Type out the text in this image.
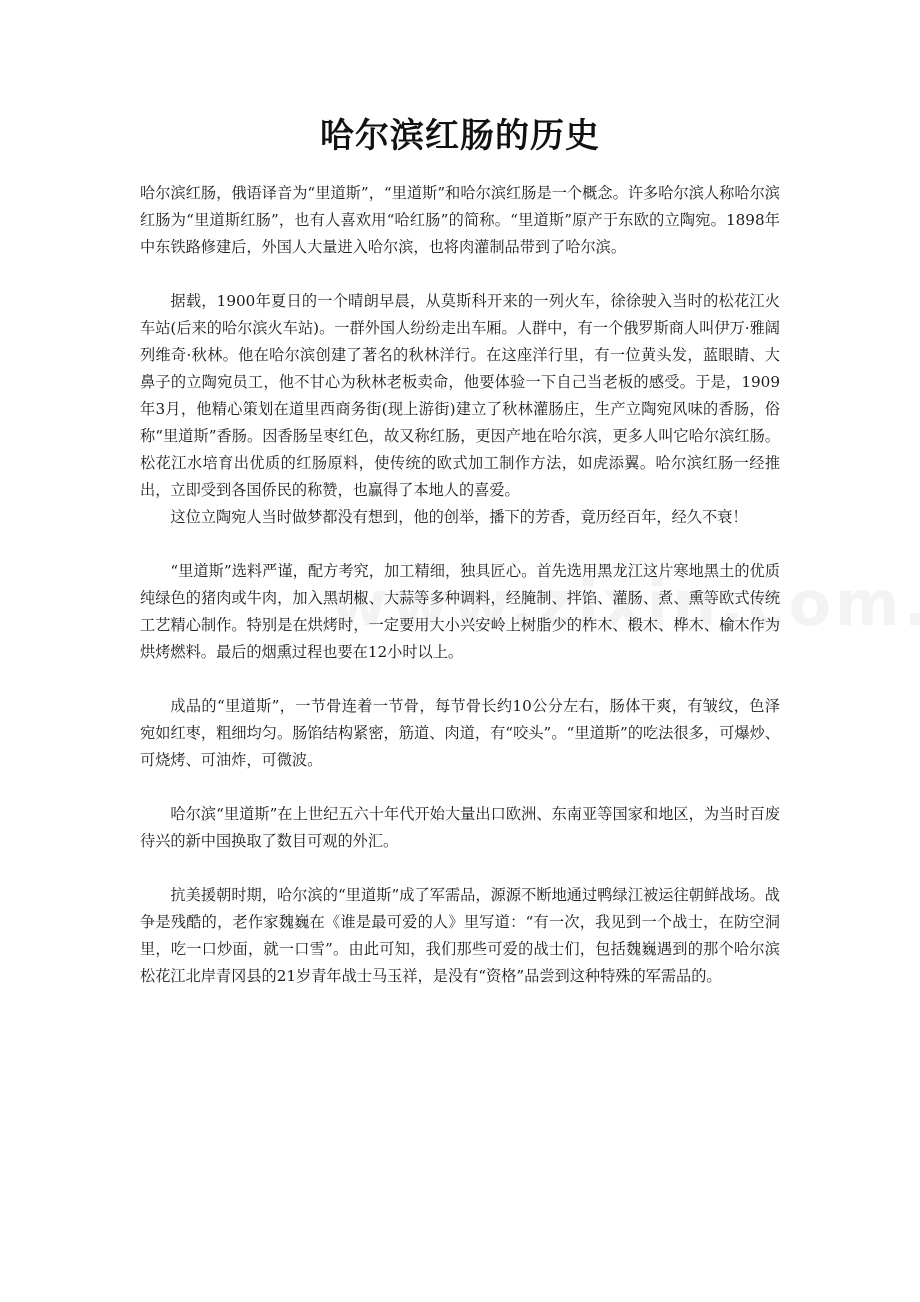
哈尔滨红肠的历史

哈尔滨红肠，俄语译音为“里道斯”，“里道斯”和哈尔滨红肠是一个概念。许多哈尔滨人称哈尔滨红肠为“里道斯红肠”，也有人喜欢用“哈红肠”的简称。“里道斯”原产于东欧的立陶宛。1898年中东铁路修建后，外国人大量进入哈尔滨，也将肉灌制品带到了哈尔滨。

据载，1900年夏日的一个晴朗早晨，从莫斯科开来的一列火车，徐徐驶入当时的松花江火车站(后来的哈尔滨火车站)。一群外国人纷纷走出车厢。人群中，有一个俄罗斯商人叫伊万·雅阔列维奇·秋林。他在哈尔滨创建了著名的秋林洋行。在这座洋行里，有一位黄头发，蓝眼睛、大鼻子的立陶宛员工，他不甘心为秋林老板卖命，他要体验一下自己当老板的感受。于是，1909年3月，他精心策划在道里西商务街(现上游街)建立了秋林灌肠庄，生产立陶宛风味的香肠，俗称“里道斯”香肠。因香肠呈枣红色，故又称红肠，更因产地在哈尔滨，更多人叫它哈尔滨红肠。松花江水培育出优质的红肠原料，使传统的欧式加工制作方法，如虎添翼。哈尔滨红肠一经推出，立即受到各国侨民的称赞，也赢得了本地人的喜爱。

这位立陶宛人当时做梦都没有想到，他的创举，播下的芳香，竟历经百年，经久不衰！

“里道斯”选料严谨，配方考究，加工精细，独具匠心。首先选用黑龙江这片寒地黑土的优质纯绿色的猪肉或牛肉，加入黑胡椒、大蒜等多种调料，经腌制、拌馅、灌肠、煮、熏等欧式传统工艺精心制作。特别是在烘烤时，一定要用大小兴安岭上树脂少的柞木、椴木、桦木、榆木作为烘烤燃料。最后的烟熏过程也要在12小时以上。

成品的“里道斯”，一节骨连着一节骨，每节骨长约10公分左右，肠体干爽，有皱纹，色泽宛如红枣，粗细均匀。肠馅结构紧密，筋道、肉道，有“咬头”。“里道斯”的吃法很多，可爆炒、可烧烤、可油炸，可微波。

哈尔滨“里道斯”在上世纪五六十年代开始大量出口欧洲、东南亚等国家和地区，为当时百废待兴的新中国换取了数目可观的外汇。

抗美援朝时期，哈尔滨的“里道斯”成了军需品，源源不断地通过鸭绿江被运往朝鲜战场。战争是残酷的，老作家魏巍在《谁是最可爱的人》里写道：“有一次，我见到一个战士，在防空洞里，吃一口炒面，就一口雪”。由此可知，我们那些可爱的战士们，包括魏巍遇到的那个哈尔滨松花江北岸青冈县的21岁青年战士马玉祥，是没有“资格”品尝到这种特殊的军需品的。
